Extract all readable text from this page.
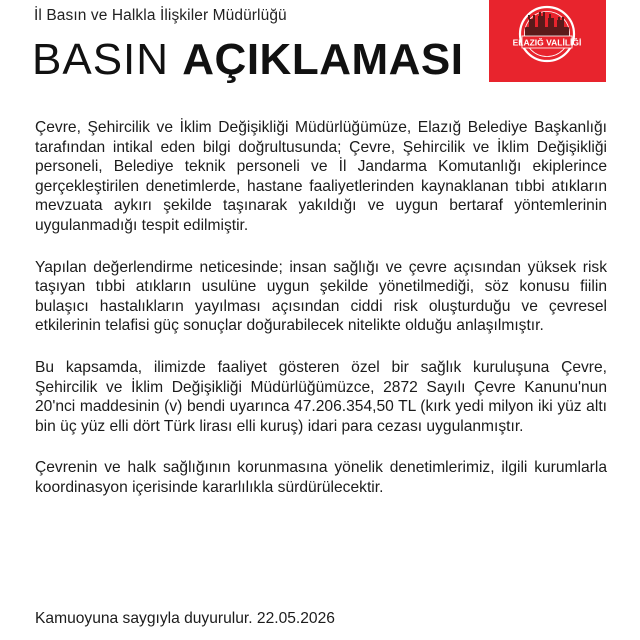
İl Basın ve Halkla İlişkiler Müdürlüğü
BASIN AÇIKLAMASI	ELAZIĞ VALİLİĞİ

Çevre, Şehircilik ve İklim Değişikliği Müdürlüğümüze, Elazığ Belediye Başkanlığı tarafından intikal eden bilgi doğrultusunda; Çevre, Şehircilik ve İklim Değişikliği personeli, Belediye teknik personeli ve İl Jandarma Komutanlığı ekiplerince gerçekleştirilen denetimlerde, hastane faaliyetlerinden kaynaklanan tıbbi atıkların mevzuata aykırı şekilde taşınarak yakıldığı ve uygun bertaraf yöntemlerinin uygulanmadığı tespit edilmiştir.

Yapılan değerlendirme neticesinde; insan sağlığı ve çevre açısından yüksek risk taşıyan tıbbi atıkların usulüne uygun şekilde yönetilmediği, söz konusu fiilin bulaşıcı hastalıkların yayılması açısından ciddi risk oluşturduğu ve çevresel etkilerinin telafisi güç sonuçlar doğurabilecek nitelikte olduğu anlaşılmıştır.

Bu kapsamda, ilimizde faaliyet gösteren özel bir sağlık kuruluşuna Çevre, Şehircilik ve İklim Değişikliği Müdürlüğümüzce, 2872 Sayılı Çevre Kanunu'nun 20'nci maddesinin (v) bendi uyarınca 47.206.354,50 TL (kırk yedi milyon iki yüz altı bin üç yüz elli dört Türk lirası elli kuruş) idari para cezası uygulanmıştır.

Çevrenin ve halk sağlığının korunmasına yönelik denetimlerimiz, ilgili kurumlarla koordinasyon içerisinde kararlılıkla sürdürülecektir.

Kamuoyuna saygıyla duyurulur. 22.05.2026
